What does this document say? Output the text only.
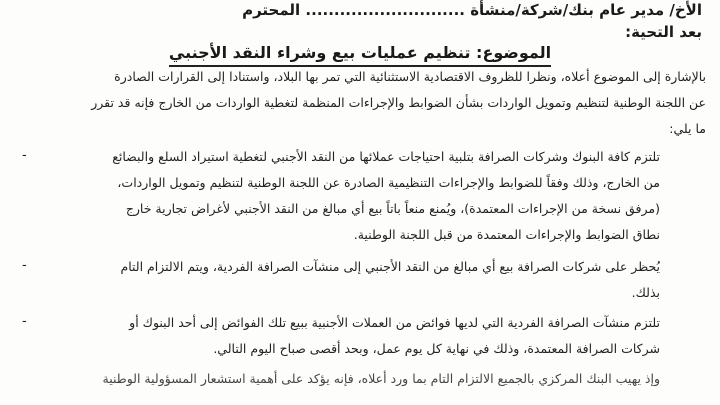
الأخ/ مدير عام بنك/شركة/منشأة ............................ المحترم
بعد التحية:
الموضوع: تنظيم عمليات بيع وشراء النقد الأجنبي
بالإشارة إلى الموضوع أعلاه، ونظرا للظروف الاقتصادية الاستثنائية التي تمر بها البلاد، واستنادا إلى القرارات الصادرة
عن اللجنة الوطنية لتنظيم وتمويل الواردات بشأن الضوابط والإجراءات المنظمة لتغطية الواردات من الخارج فإنه قد تقرر
ما يلي:
-	تلتزم كافة البنوك وشركات الصرافة بتلبية احتياجات عملائها من النقد الأجنبي لتغطية استيراد السلع والبضائع
من الخارج، وذلك وفقاً للضوابط والإجراءات التنظيمية الصادرة عن اللجنة الوطنية لتنظيم وتمويل الواردات،
(مرفق نسخة من الإجراءات المعتمدة)، ويُمنع منعاً باتاً بيع أي مبالغ من النقد الأجنبي لأغراض تجارية خارج
نطاق الضوابط والإجراءات المعتمدة من قبل اللجنة الوطنية.
-	يُحظر على شركات الصرافة بيع أي مبالغ من النقد الأجنبي إلى منشآت الصرافة الفردية، ويتم الالتزام التام
بذلك.
-	تلتزم منشآت الصرافة الفردية التي لديها فوائض من العملات الأجنبية ببيع تلك الفوائض إلى أحد البنوك أو
شركات الصرافة المعتمدة، وذلك في نهاية كل يوم عمل، وبحد أقصى صباح اليوم التالي.
وإذ يهيب البنك المركزي بالجميع الالتزام التام بما ورد أعلاه، فإنه يؤكد على أهمية استشعار المسؤولية الوطنية
